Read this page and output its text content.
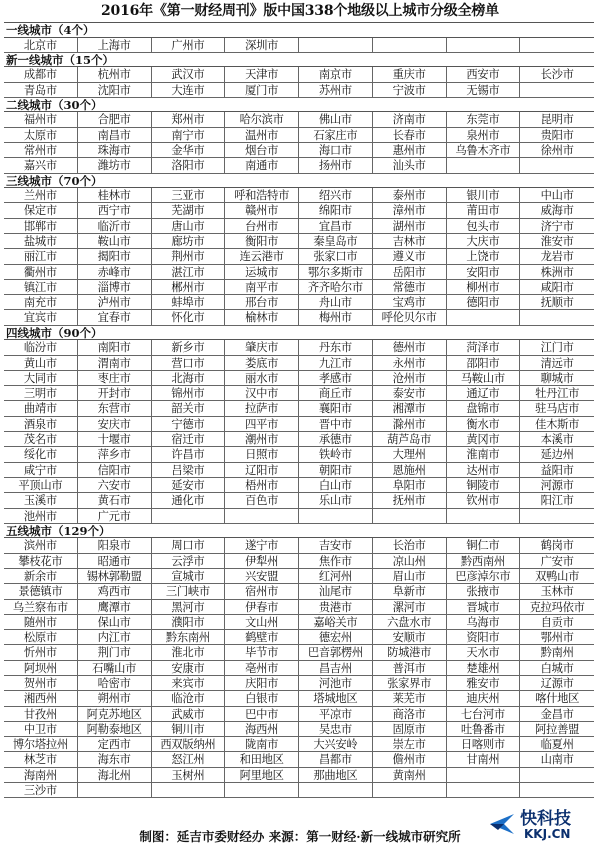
2016年《第一财经周刊》版中国338个地级以上城市分级全榜单
一线城市（4个）
北京市	上海市	广州市	深圳市
新一线城市（15个）
成都市	杭州市	武汉市	天津市	南京市	重庆市	西安市	长沙市
青岛市	沈阳市	大连市	厦门市	苏州市	宁波市	无锡市
二线城市（30个）
福州市	合肥市	郑州市	哈尔滨市	佛山市	济南市	东莞市	昆明市
太原市	南昌市	南宁市	温州市	石家庄市	长春市	泉州市	贵阳市
常州市	珠海市	金华市	烟台市	海口市	惠州市	乌鲁木齐市	徐州市
嘉兴市	潍坊市	洛阳市	南通市	扬州市	汕头市
三线城市（70个）
兰州市	桂林市	三亚市	呼和浩特市	绍兴市	泰州市	银川市	中山市
保定市	西宁市	芜湖市	赣州市	绵阳市	漳州市	莆田市	威海市
邯郸市	临沂市	唐山市	台州市	宜昌市	湖州市	包头市	济宁市
盐城市	鞍山市	廊坊市	衡阳市	秦皇岛市	吉林市	大庆市	淮安市
丽江市	揭阳市	荆州市	连云港市	张家口市	遵义市	上饶市	龙岩市
衢州市	赤峰市	湛江市	运城市	鄂尔多斯市	岳阳市	安阳市	株洲市
镇江市	淄博市	郴州市	南平市	齐齐哈尔市	常德市	柳州市	咸阳市
南充市	泸州市	蚌埠市	邢台市	舟山市	宝鸡市	德阳市	抚顺市
宜宾市	宜春市	怀化市	榆林市	梅州市	呼伦贝尔市
四线城市（90个）
临汾市	南阳市	新乡市	肇庆市	丹东市	德州市	菏泽市	江门市
黄山市	渭南市	营口市	娄底市	九江市	永州市	邵阳市	清远市
大同市	枣庄市	北海市	丽水市	孝感市	沧州市	马鞍山市	聊城市
三明市	开封市	锦州市	汉中市	商丘市	泰安市	通辽市	牡丹江市
曲靖市	东营市	韶关市	拉萨市	襄阳市	湘潭市	盘锦市	驻马店市
酒泉市	安庆市	宁德市	四平市	晋中市	滁州市	衡水市	佳木斯市
茂名市	十堰市	宿迁市	潮州市	承德市	葫芦岛市	黄冈市	本溪市
绥化市	萍乡市	许昌市	日照市	铁岭市	大理州	淮南市	延边州
咸宁市	信阳市	吕梁市	辽阳市	朝阳市	恩施州	达州市	益阳市
平顶山市	六安市	延安市	梧州市	白山市	阜阳市	铜陵市	河源市
玉溪市	黄石市	通化市	百色市	乐山市	抚州市	钦州市	阳江市
池州市	广元市
五线城市（129个）
滨州市	阳泉市	周口市	遂宁市	吉安市	长治市	铜仁市	鹤岗市
攀枝花市	昭通市	云浮市	伊犁州	焦作市	凉山州	黔西南州	广安市
新余市	锡林郭勒盟	宣城市	兴安盟	红河州	眉山市	巴彦淖尔市	双鸭山市
景德镇市	鸡西市	三门峡市	宿州市	汕尾市	阜新市	张掖市	玉林市
乌兰察布市	鹰潭市	黑河市	伊春市	贵港市	漯河市	晋城市	克拉玛依市
随州市	保山市	濮阳市	文山州	嘉峪关市	六盘水市	乌海市	自贡市
松原市	内江市	黔东南州	鹤壁市	德宏州	安顺市	资阳市	鄂州市
忻州市	荆门市	淮北市	毕节市	巴音郭楞州	防城港市	天水市	黔南州
阿坝州	石嘴山市	安康市	亳州市	昌吉州	普洱市	楚雄州	白城市
贺州市	哈密市	来宾市	庆阳市	河池市	张家界市	雅安市	辽源市
湘西州	朔州市	临沧市	白银市	塔城地区	莱芜市	迪庆州	喀什地区
甘孜州	阿克苏地区	武威市	巴中市	平凉市	商洛市	七台河市	金昌市
中卫市	阿勒泰地区	铜川市	海西州	吴忠市	固原市	吐鲁番市	阿拉善盟
博尔塔拉州	定西市	西双版纳州	陇南市	大兴安岭	崇左市	日喀则市	临夏州
林芝市	海东市	怒江州	和田地区	昌都市	儋州市	甘南州	山南市
海南州	海北州	玉树州	阿里地区	那曲地区	黄南州
三沙市
制图：延吉市委财经办 来源：第一财经·新一线城市研究所
快科技
KKJ.CN
